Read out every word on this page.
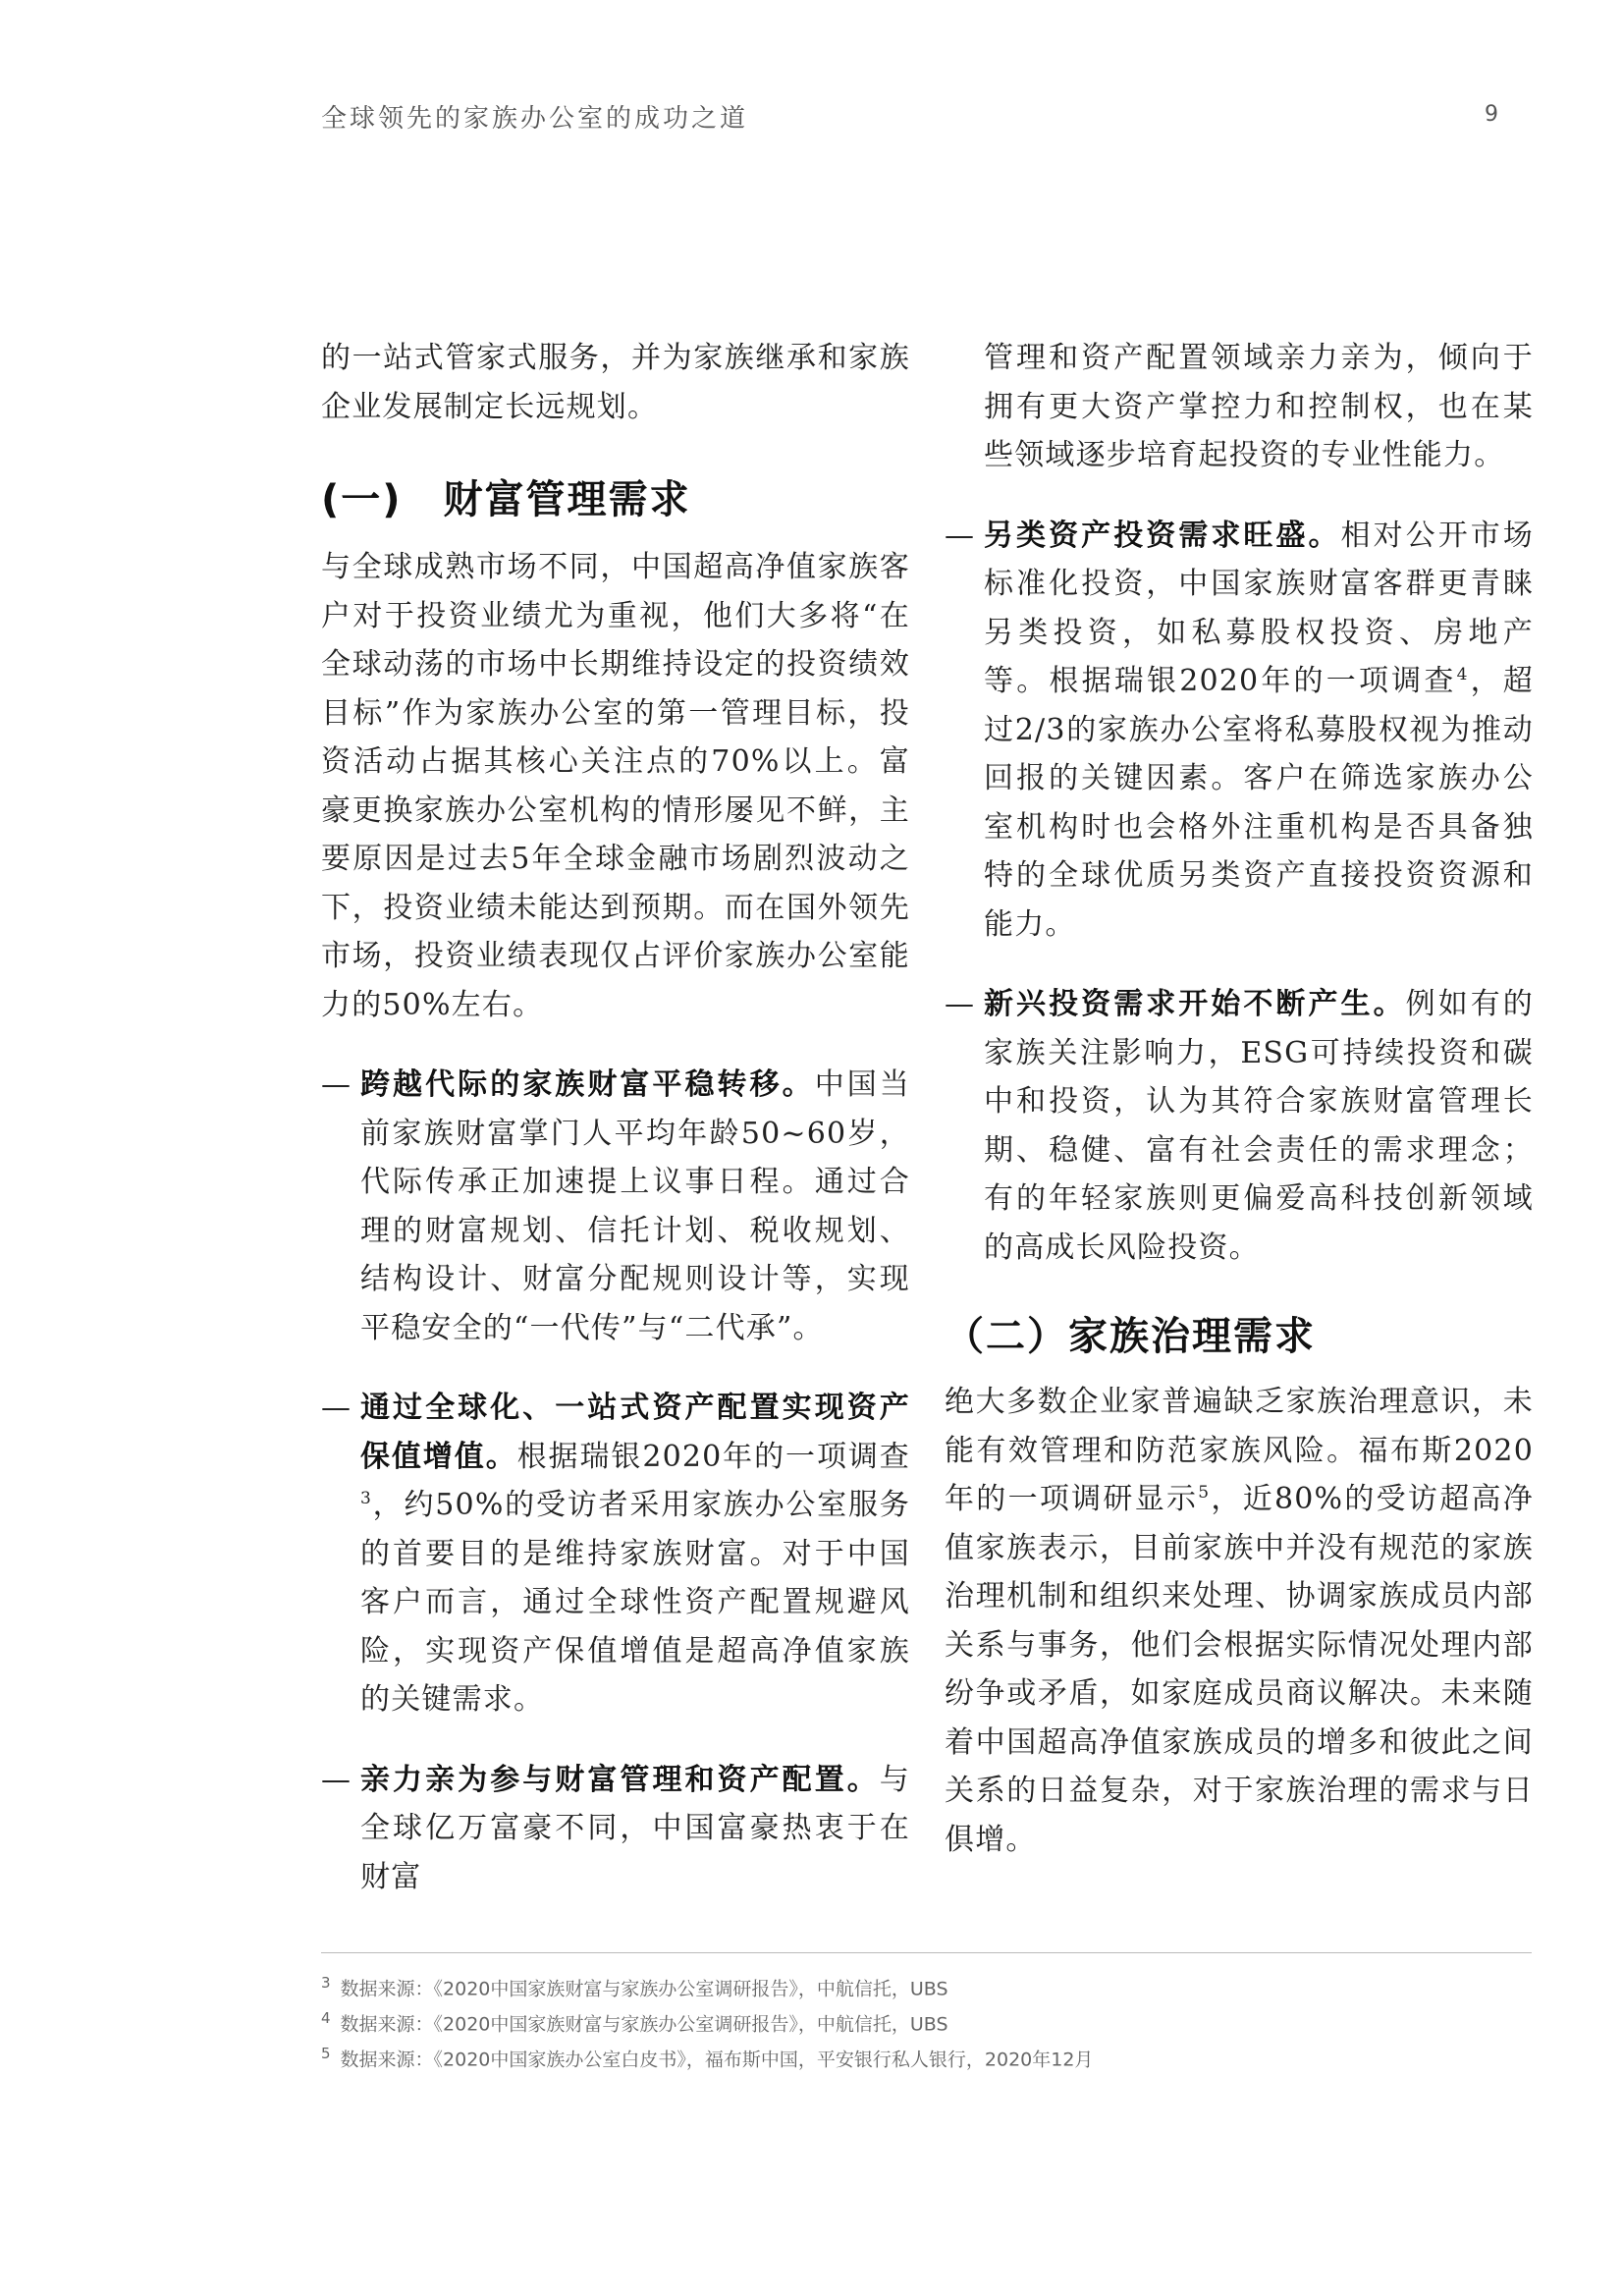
全球领先的家族办公室的成功之道	9

的一站式管家式服务，并为家族继承和家族企业发展制定长远规划。

(一)　财富管理需求

与全球成熟市场不同，中国超高净值家族客户对于投资业绩尤为重视，他们大多将“在全球动荡的市场中长期维持设定的投资绩效目标”作为家族办公室的第一管理目标，投资活动占据其核心关注点的70%以上。富豪更换家族办公室机构的情形屡见不鲜，主要原因是过去5年全球金融市场剧烈波动之下，投资业绩未能达到预期。而在国外领先市场，投资业绩表现仅占评价家族办公室能力的50%左右。

— 跨越代际的家族财富平稳转移。中国当前家族财富掌门人平均年龄50~60岁，代际传承正加速提上议事日程。通过合理的财富规划、信托计划、税收规划、结构设计、财富分配规则设计等，实现平稳安全的“一代传”与“二代承”。

— 通过全球化、一站式资产配置实现资产保值增值。根据瑞银2020年的一项调查$^3$，约50%的受访者采用家族办公室服务的首要目的是维持家族财富。对于中国客户而言，通过全球性资产配置规避风险，实现资产保值增值是超高净值家族的关键需求。

— 亲力亲为参与财富管理和资产配置。与全球亿万富豪不同，中国富豪热衷于在财富

管理和资产配置领域亲力亲为，倾向于拥有更大资产掌控力和控制权，也在某些领域逐步培育起投资的专业性能力。

— 另类资产投资需求旺盛。相对公开市场标准化投资，中国家族财富客群更青睐另类投资，如私募股权投资、房地产等。根据瑞银2020年的一项调查$^4$，超过2/3的家族办公室将私募股权视为推动回报的关键因素。客户在筛选家族办公室机构时也会格外注重机构是否具备独特的全球优质另类资产直接投资资源和能力。

— 新兴投资需求开始不断产生。例如有的家族关注影响力，ESG可持续投资和碳中和投资，认为其符合家族财富管理长期、稳健、富有社会责任的需求理念；有的年轻家族则更偏爱高科技创新领域的高成长风险投资。

（二）家族治理需求

绝大多数企业家普遍缺乏家族治理意识，未能有效管理和防范家族风险。福布斯2020年的一项调研显示$^5$，近80%的受访超高净值家族表示，目前家族中并没有规范的家族治理机制和组织来处理、协调家族成员内部关系与事务，他们会根据实际情况处理内部纷争或矛盾，如家庭成员商议解决。未来随着中国超高净值家族成员的增多和彼此之间关系的日益复杂，对于家族治理的需求与日俱增。

$^3$ 数据来源：《2020中国家族财富与家族办公室调研报告》，中航信托，UBS
$^4$ 数据来源：《2020中国家族财富与家族办公室调研报告》，中航信托，UBS
$^5$ 数据来源：《2020中国家族办公室白皮书》，福布斯中国，平安银行私人银行，2020年12月
